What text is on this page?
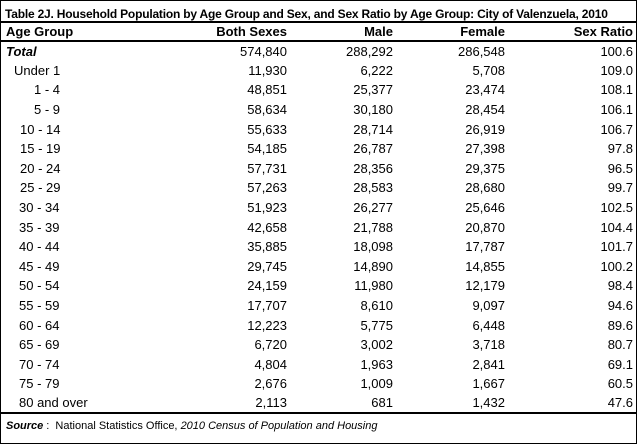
Table 2J. Household Population by Age Group and Sex, and Sex Ratio by Age Group: City of Valenzuela, 2010
Age Group	Both Sexes	Male	Female	Sex Ratio
Total	574,840	288,292	286,548	100.6
Under 1	11,930	6,222	5,708	109.0
1 - 4	48,851	25,377	23,474	108.1
5 - 9	58,634	30,180	28,454	106.1
10 - 14	55,633	28,714	26,919	106.7
15 - 19	54,185	26,787	27,398	97.8
20 - 24	57,731	28,356	29,375	96.5
25 - 29	57,263	28,583	28,680	99.7
30 - 34	51,923	26,277	25,646	102.5
35 - 39	42,658	21,788	20,870	104.4
40 - 44	35,885	18,098	17,787	101.7
45 - 49	29,745	14,890	14,855	100.2
50 - 54	24,159	11,980	12,179	98.4
55 - 59	17,707	8,610	9,097	94.6
60 - 64	12,223	5,775	6,448	89.6
65 - 69	6,720	3,002	3,718	80.7
70 - 74	4,804	1,963	2,841	69.1
75 - 79	2,676	1,009	1,667	60.5
80 and over	2,113	681	1,432	47.6
Source : National Statistics Office, 2010 Census of Population and Housing
